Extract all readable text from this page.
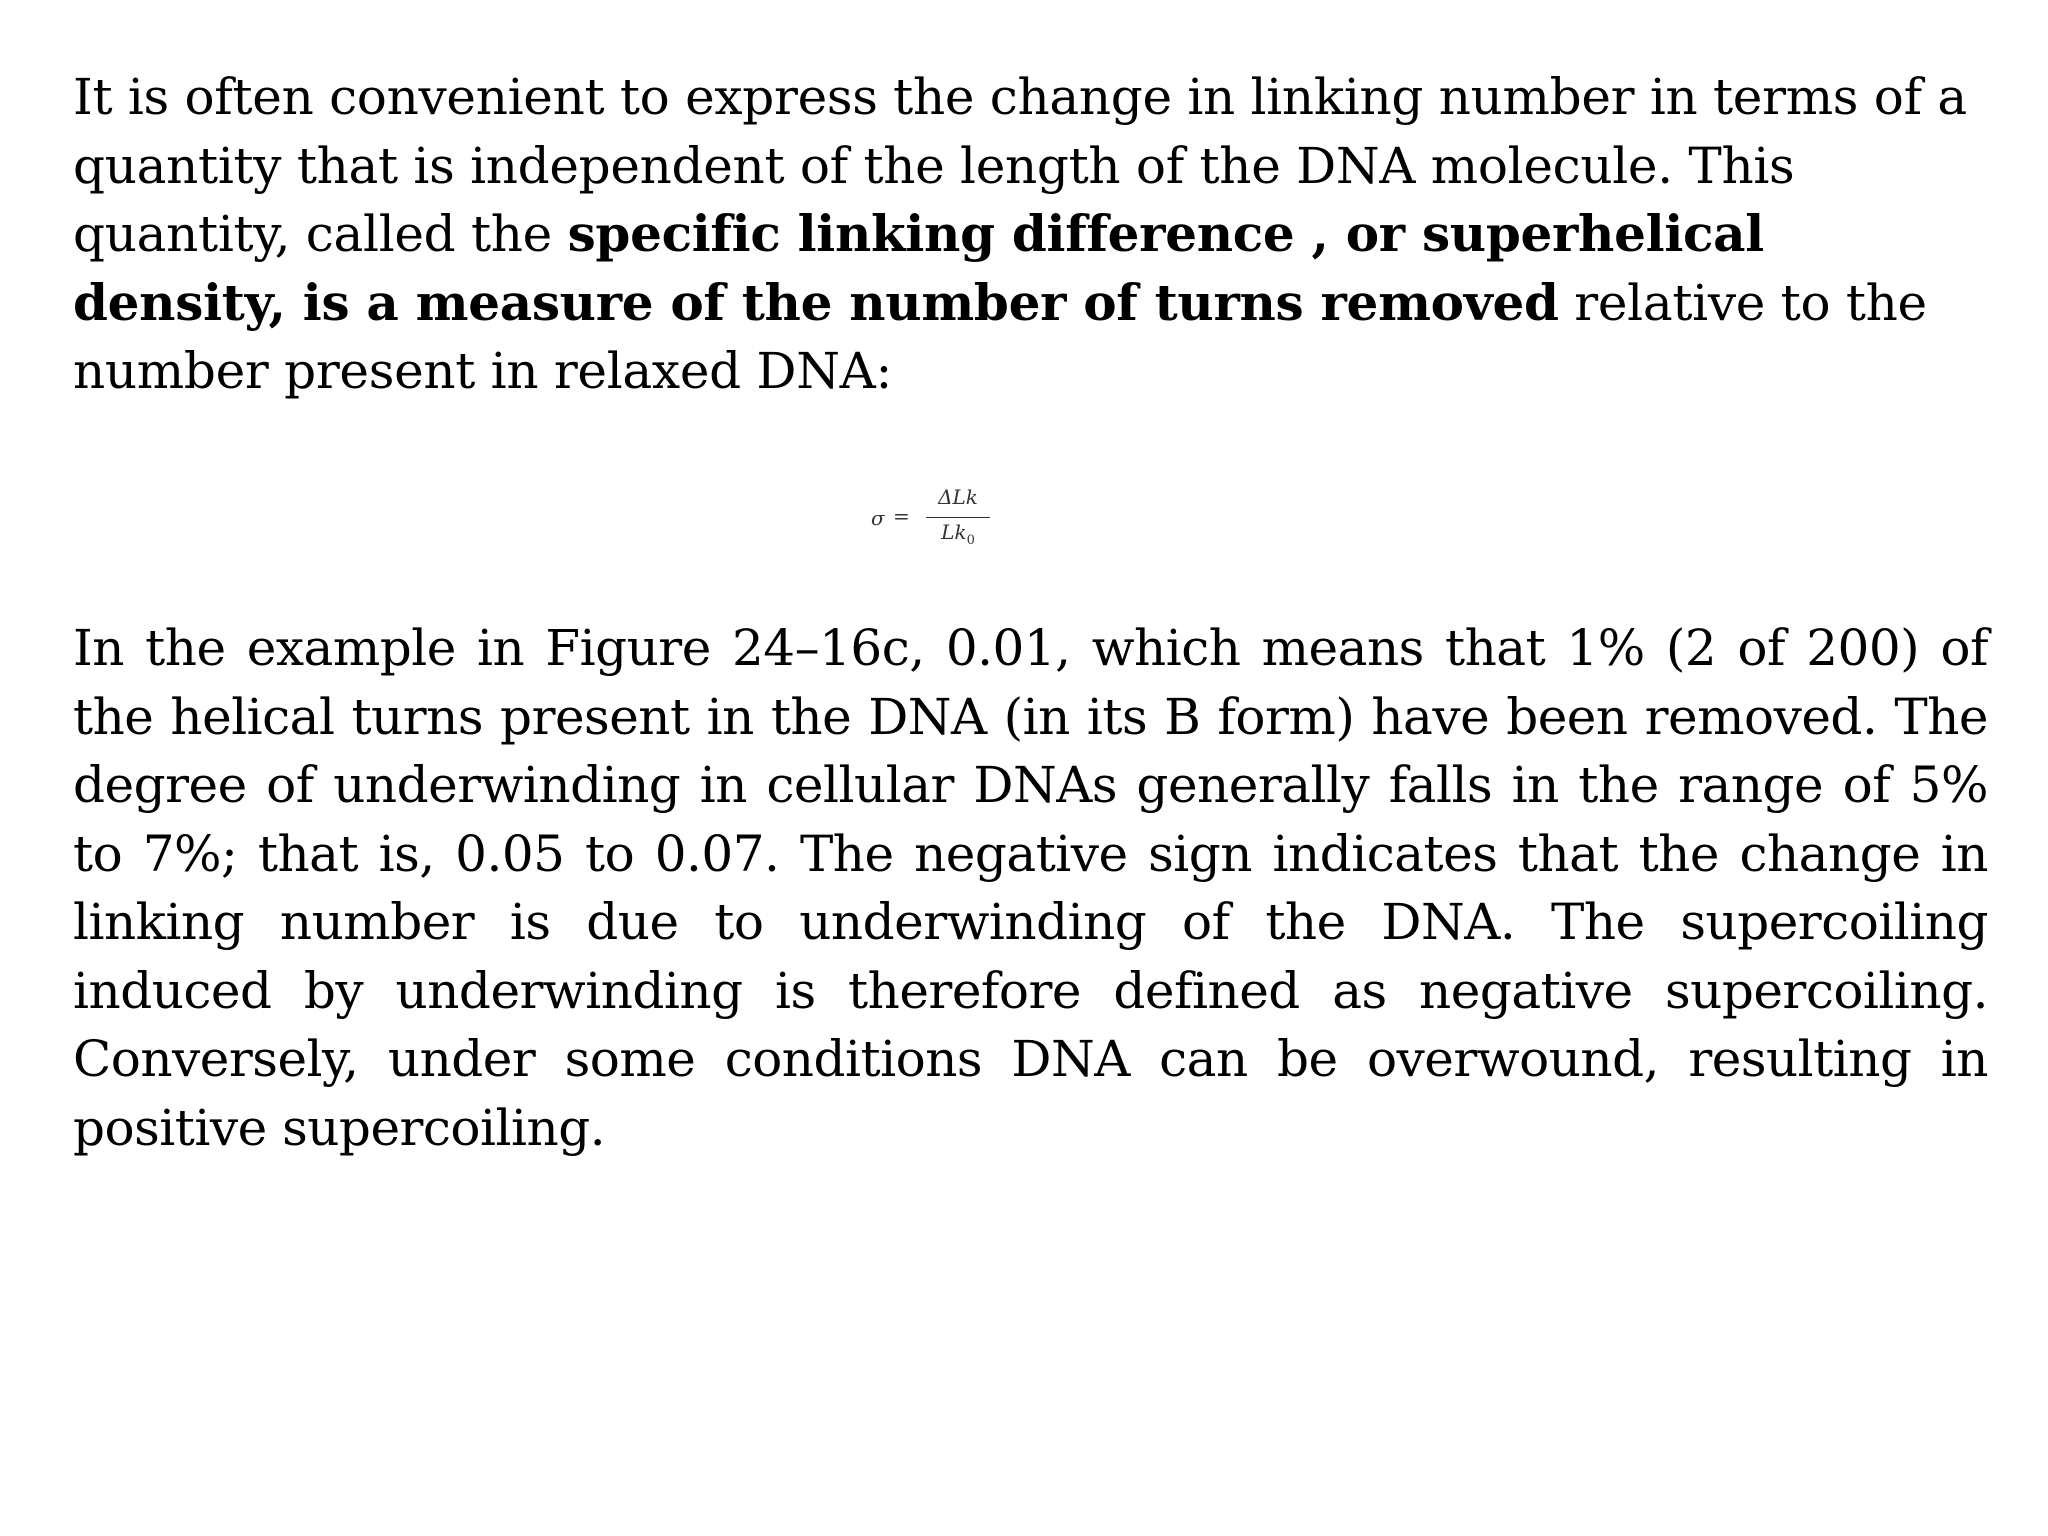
It is often convenient to express the change in linking number in terms of a quantity that is independent of the length of the DNA molecule. This quantity, called the specific linking difference , or superhelical density, is a measure of the number of turns removed relative to the number present in relaxed DNA:

σ =
ΔLk
$Lk_0$

In the example in Figure 24–16c, 0.01, which means that 1% (2 of 200) of the helical turns present in the DNA (in its B form) have been removed. The degree of underwinding in cellular DNAs generally falls in the range of 5% to 7%; that is, 0.05 to 0.07. The negative sign indicates that the change in linking number is due to underwinding of the DNA. The supercoiling induced by underwinding is therefore defined as negative supercoiling. Conversely, under some conditions DNA can be overwound, resulting in positive supercoiling.
